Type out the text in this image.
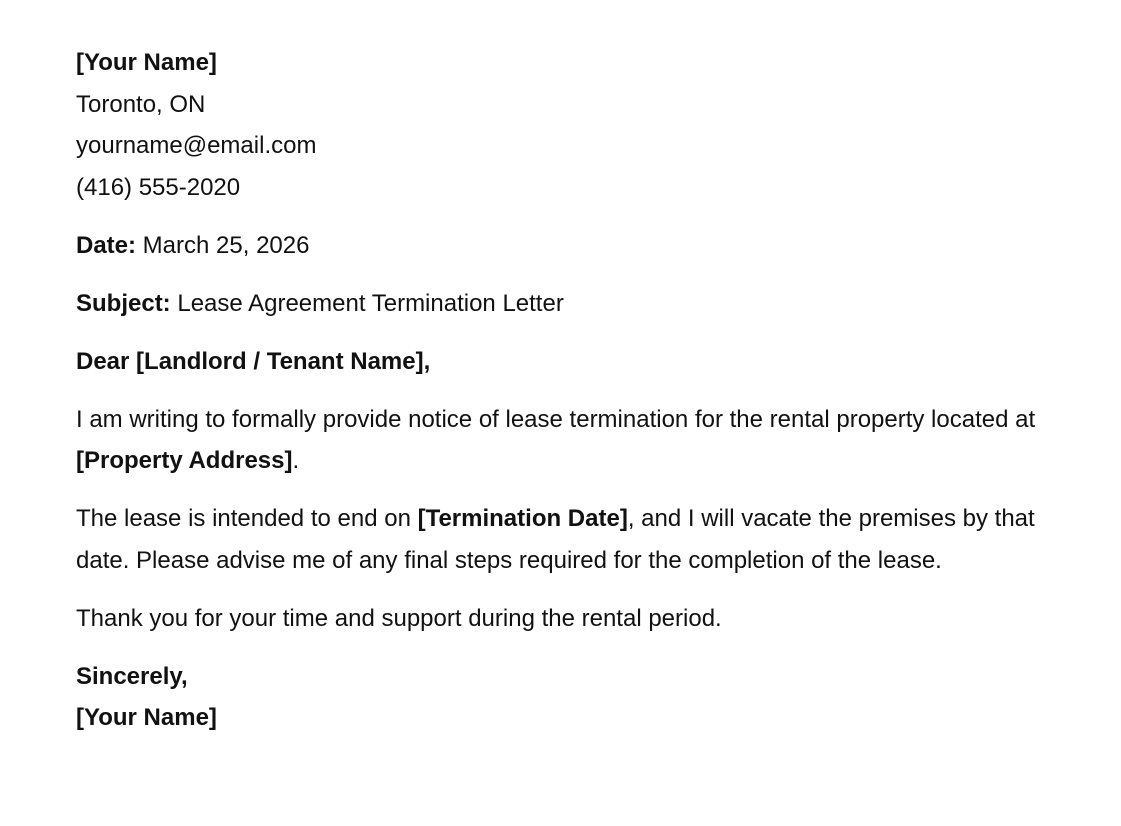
[Your Name]
Toronto, ON
yourname@email.com
(416) 555-2020
Date: March 25, 2026
Subject: Lease Agreement Termination Letter
Dear [Landlord / Tenant Name],
I am writing to formally provide notice of lease termination for the rental property located at [Property Address].
The lease is intended to end on [Termination Date], and I will vacate the premises by that date. Please advise me of any final steps required for the completion of the lease.
Thank you for your time and support during the rental period.
Sincerely,
[Your Name]
